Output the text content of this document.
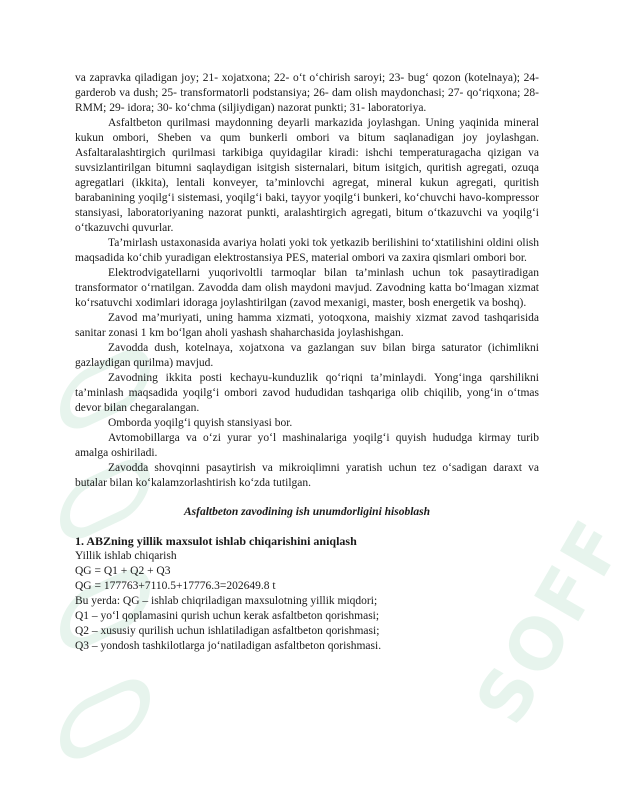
SOFF

va zapravka qiladigan joy; 21- xojatxona; 22- o‘t o‘chirish saroyi; 23- bug‘ qozon (kotelnaya); 24- garderob va dush; 25- transformatorli podstansiya; 26- dam olish maydonchasi; 27- qo‘riqxona; 28- RMM; 29- idora; 30- ko‘chma (siljiydigan) nazorat punkti; 31- laboratoriya.

Asfaltbeton qurilmasi maydonning deyarli markazida joylashgan. Uning yaqinida mineral kukun ombori, Sheben va qum bunkerli ombori va bitum saqlanadigan joy joylashgan. Asfaltaralashtirgich qurilmasi tarkibiga quyidagilar kiradi: ishchi temperaturagacha qizigan va suvsizlantirilgan bitumni saqlaydigan isitgish sisternalari, bitum isitgich, quritish agregati, ozuqa agregatlari (ikkita), lentali konveyer, ta’minlovchi agregat, mineral kukun agregati, quritish barabanining yoqilg‘i sistemasi, yoqilg‘i baki, tayyor yoqilg‘i bunkeri, ko‘chuvchi havo-kompressor stansiyasi, laboratoriyaning nazorat punkti, aralashtirgich agregati, bitum o‘tkazuvchi va yoqilg‘i o‘tkazuvchi quvurlar.

Ta’mirlash ustaxonasida avariya holati yoki tok yetkazib berilishini to‘xtatilishini oldini olish maqsadida ko‘chib yuradigan elektrostansiya PES, material ombori va zaxira qismlari ombori bor.

Elektrodvigatellarni yuqorivoltli tarmoqlar bilan ta’minlash uchun tok pasaytiradigan transformator o‘rnatilgan. Zavodda dam olish maydoni mavjud. Zavodning katta bo‘lmagan xizmat ko‘rsatuvchi xodimlari idoraga joylashtirilgan (zavod mexanigi, master, bosh energetik va boshq).

Zavod ma’muriyati, uning hamma xizmati, yotoqxona, maishiy xizmat zavod tashqarisida sanitar zonasi 1 km bo‘lgan aholi yashash shaharchasida joylashishgan.

Zavodda dush, kotelnaya, xojatxona va gazlangan suv bilan birga saturator (ichimlikni gazlaydigan qurilma) mavjud.

Zavodning ikkita posti kechayu-kunduzlik qo‘riqni ta’minlaydi. Yong‘inga qarshilikni ta’minlash maqsadida yoqilg‘i ombori zavod hududidan tashqariga olib chiqilib, yong‘in o‘tmas devor bilan chegaralangan.

Omborda yoqilg‘i quyish stansiyasi bor.

Avtomobillarga va o‘zi yurar yo‘l mashinalariga yoqilg‘i quyish hududga kirmay turib amalga oshiriladi.

Zavodda shovqinni pasaytirish va mikroiqlimni yaratish uchun tez o‘sadigan daraxt va butalar bilan ko‘kalamzorlashtirish ko‘zda tutilgan.

Asfaltbeton zavodining ish unumdorligini hisoblash

1. ABZning yillik maxsulot ishlab chiqarishini aniqlash

Yillik ishlab chiqarish

QG = Q1 + Q2 + Q3

QG = 177763+7110.5+17776.3=202649.8 t

Bu yerda: QG – ishlab chiqriladigan maxsulotning yillik miqdori;

Q1 – yo‘l qoplamasini qurish uchun kerak asfaltbeton qorishmasi;

Q2 – xususiy qurilish uchun ishlatiladigan asfaltbeton qorishmasi;

Q3 – yondosh tashkilotlarga jo‘natiladigan asfaltbeton qorishmasi.
